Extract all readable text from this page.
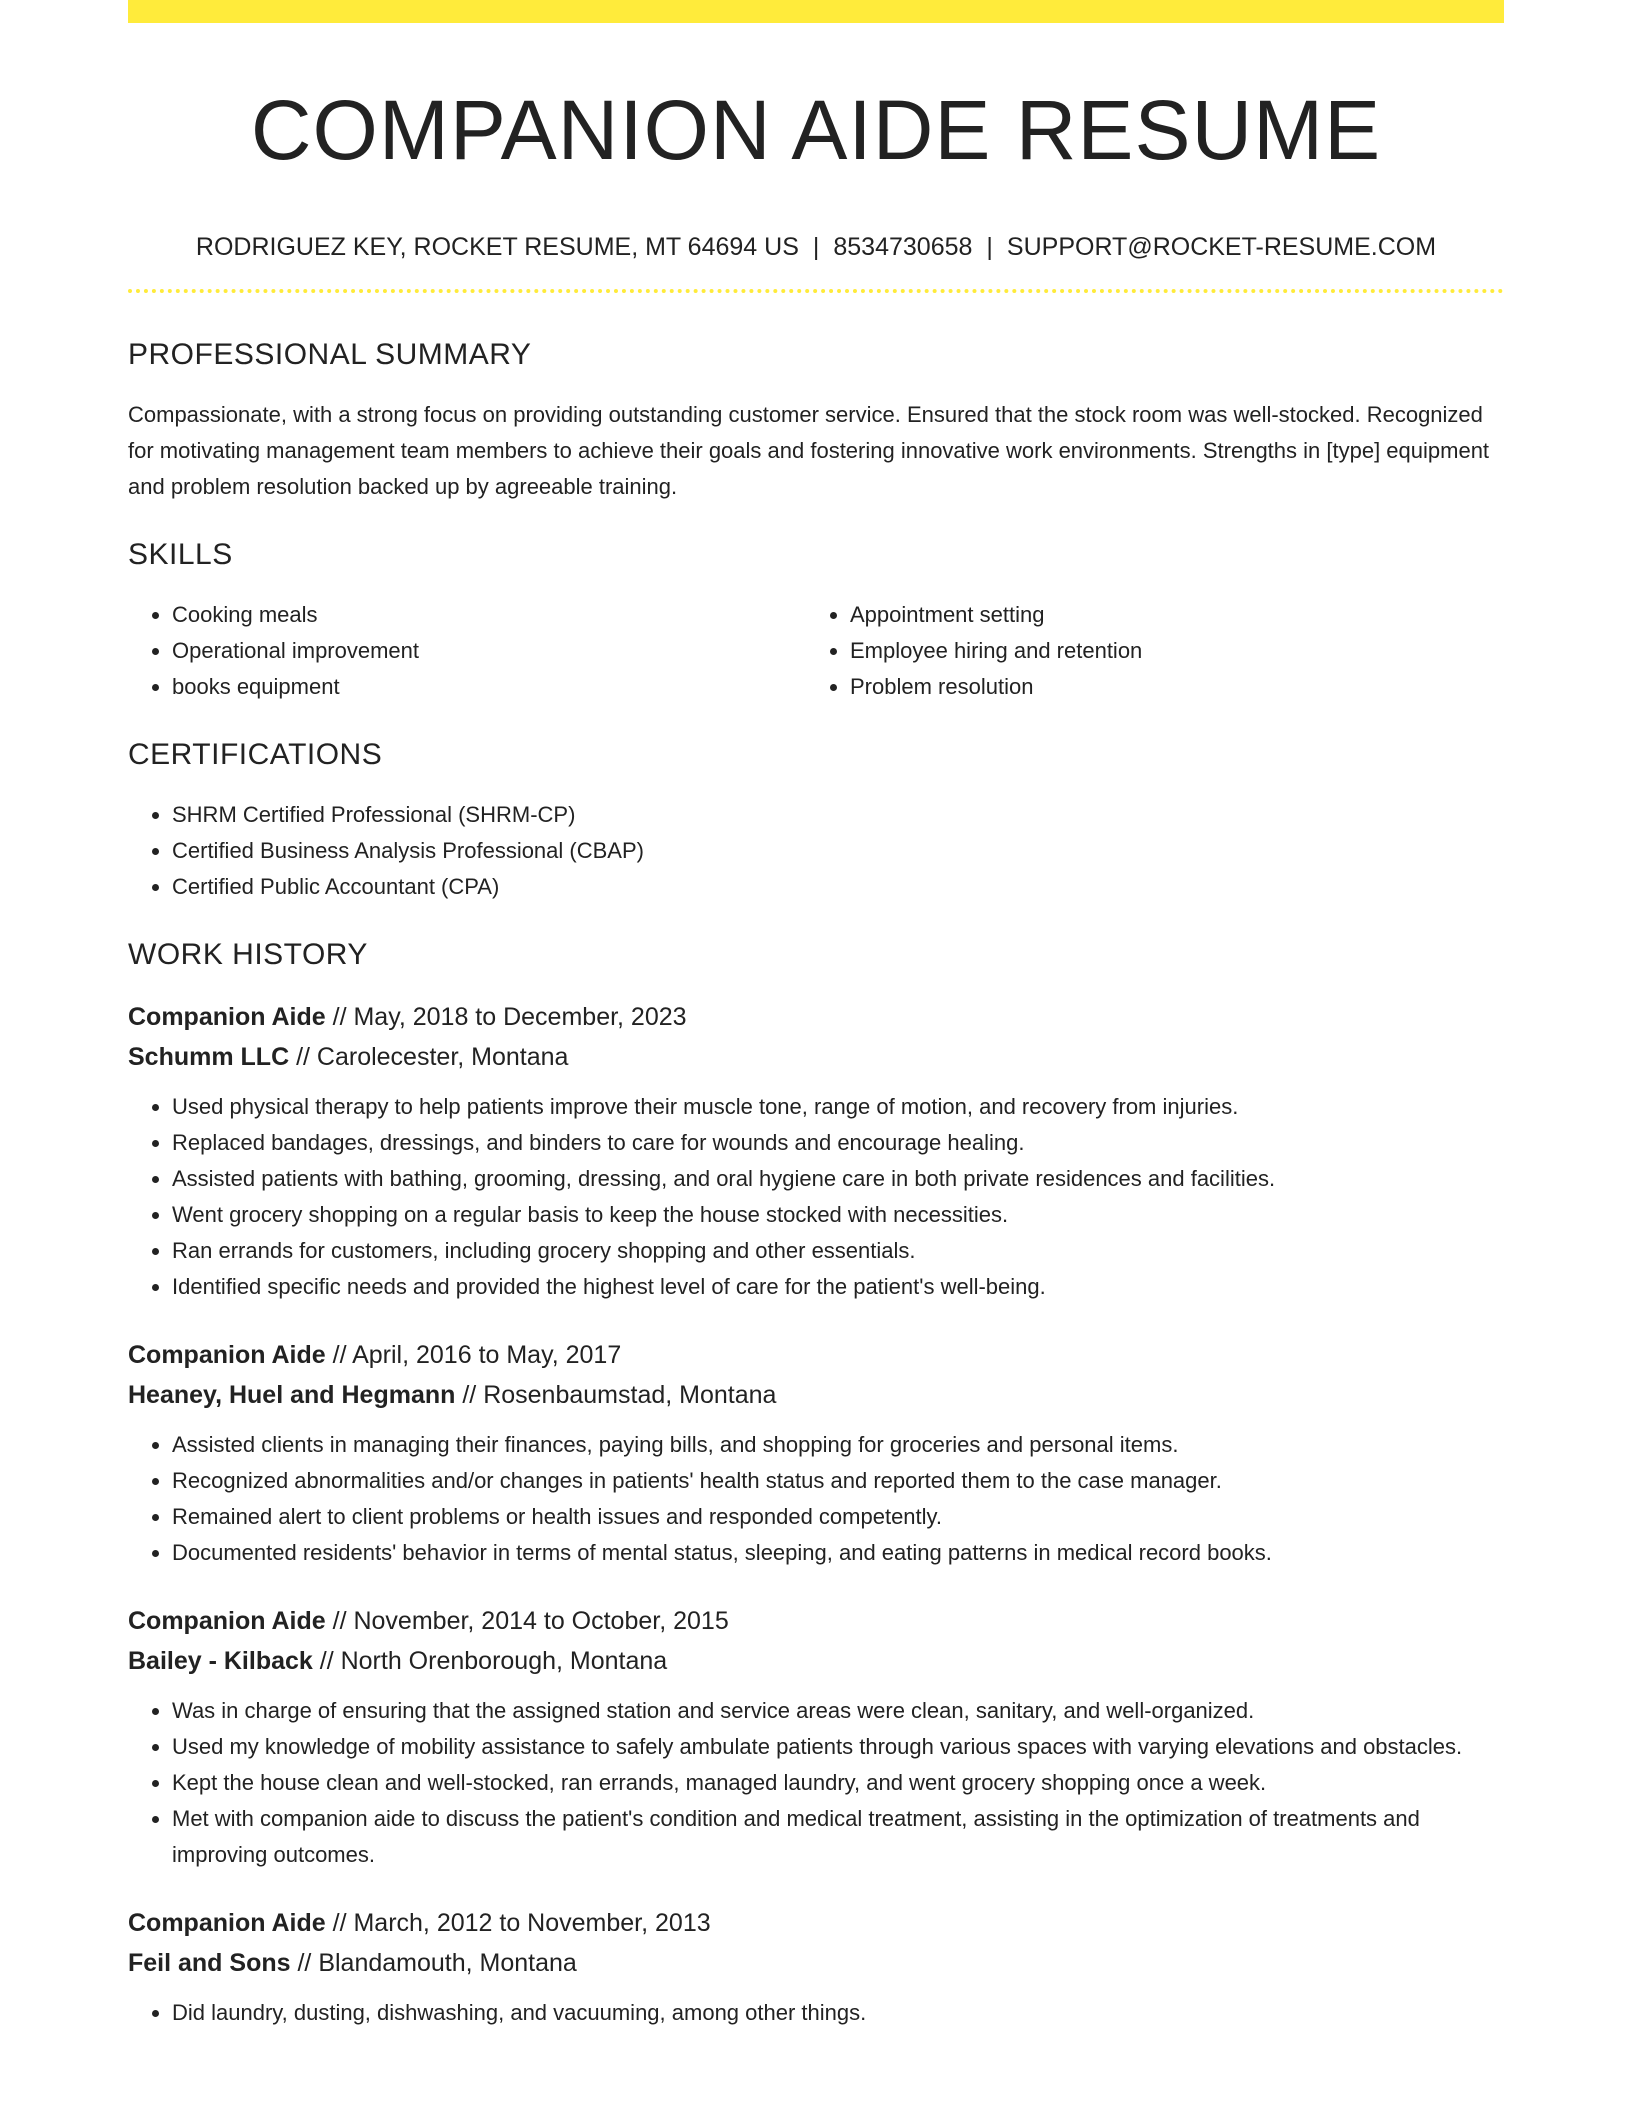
COMPANION AIDE RESUME
RODRIGUEZ KEY, ROCKET RESUME, MT 64694 US | 8534730658 | SUPPORT@ROCKET-RESUME.COM
PROFESSIONAL SUMMARY

Compassionate, with a strong focus on providing outstanding customer service. Ensured that the stock room was well-stocked. Recognized for motivating management team members to achieve their goals and fostering innovative work environments. Strengths in [type] equipment and problem resolution backed up by agreeable training.

SKILLS
• Cooking meals
• Operational improvement
• books equipment
• Appointment setting
• Employee hiring and retention
• Problem resolution
CERTIFICATIONS
• SHRM Certified Professional (SHRM-CP)
• Certified Business Analysis Professional (CBAP)
• Certified Public Accountant (CPA)
WORK HISTORY
Companion Aide // May, 2018 to December, 2023
Schumm LLC // Carolecester, Montana
• Used physical therapy to help patients improve their muscle tone, range of motion, and recovery from injuries.
• Replaced bandages, dressings, and binders to care for wounds and encourage healing.
• Assisted patients with bathing, grooming, dressing, and oral hygiene care in both private residences and facilities.
• Went grocery shopping on a regular basis to keep the house stocked with necessities.
• Ran errands for customers, including grocery shopping and other essentials.
• Identified specific needs and provided the highest level of care for the patient's well-being.
Companion Aide // April, 2016 to May, 2017
Heaney, Huel and Hegmann // Rosenbaumstad, Montana
• Assisted clients in managing their finances, paying bills, and shopping for groceries and personal items.
• Recognized abnormalities and/or changes in patients' health status and reported them to the case manager.
• Remained alert to client problems or health issues and responded competently.
• Documented residents' behavior in terms of mental status, sleeping, and eating patterns in medical record books.
Companion Aide // November, 2014 to October, 2015
Bailey - Kilback // North Orenborough, Montana
• Was in charge of ensuring that the assigned station and service areas were clean, sanitary, and well-organized.
• Used my knowledge of mobility assistance to safely ambulate patients through various spaces with varying elevations and obstacles.
• Kept the house clean and well-stocked, ran errands, managed laundry, and went grocery shopping once a week.
• Met with companion aide to discuss the patient's condition and medical treatment, assisting in the optimization of treatments and improving outcomes.
Companion Aide // March, 2012 to November, 2013
Feil and Sons // Blandamouth, Montana
• Did laundry, dusting, dishwashing, and vacuuming, among other things.
